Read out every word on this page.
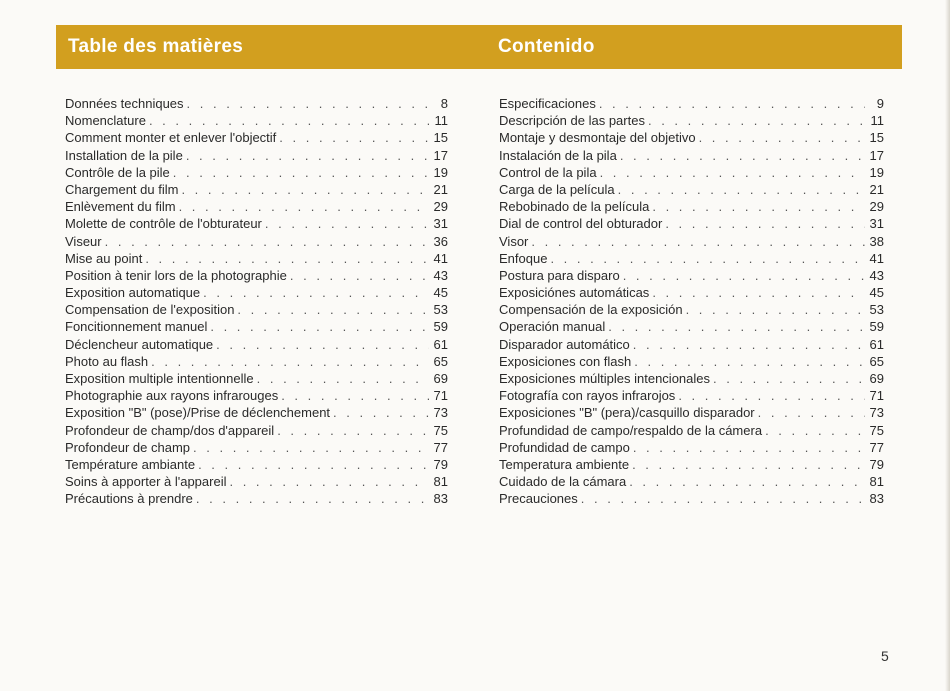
Table des matières	Contenido
Données techniques . . .	8
Nomenclature . . .	11
Comment monter et enlever l'objectif . . .	15
Installation de la pile . . .	17
Contrôle de la pile . . .	19
Chargement du film . . .	21
Enlèvement du film . . .	29
Molette de contrôle de l'obturateur . . .	31
Viseur . . .	36
Mise au point . . .	41
Position à tenir lors de la photographie . . .	43
Exposition automatique . . .	45
Compensation de l'exposition . . .	53
Foncitionnement manuel . . .	59
Déclencheur automatique . . .	61
Photo au flash . . .	65
Exposition multiple intentionnelle . . .	69
Photographie aux rayons infrarouges . . .	71
Exposition "B" (pose)/Prise de déclenchement . . .	73
Profondeur de champ/dos d'appareil . . .	75
Profondeur de champ . . .	77
Température ambiante . . .	79
Soins à apporter à l'appareil . . .	81
Précautions à prendre . . .	83
Especificaciones . . .	9
Descripción de las partes . . .	11
Montaje y desmontaje del objetivo . . .	15
Instalación de la pila . . .	17
Control de la pila . . .	19
Carga de la película . . .	21
Rebobinado de la película . . .	29
Dial de control del obturador . . .	31
Visor . . .	38
Enfoque . . .	41
Postura para disparo . . .	43
Exposiciónes automáticas . . .	45
Compensación de la exposición . . .	53
Operación manual . . .	59
Disparador automático . . .	61
Exposiciones con flash . . .	65
Exposiciones múltiples intencionales . . .	69
Fotografía con rayos infrarojos . . .	71
Exposiciones "B" (pera)/casquillo disparador . . .	73
Profundidad de campo/respaldo de la cámera . . .	75
Profundidad de campo . . .	77
Temperatura ambiente . . .	79
Cuidado de la cámara . . .	81
Precauciones . . .	83
5
